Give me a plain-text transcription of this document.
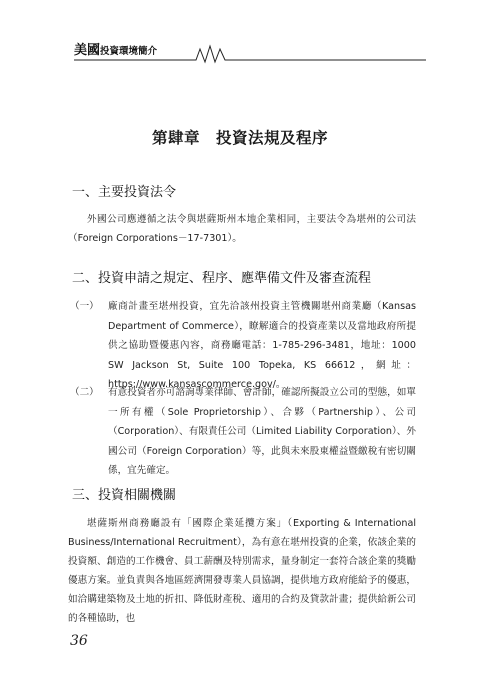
美國投資環境簡介
第肆章　投資法規及程序
一、主要投資法令

外國公司應遵循之法令與堪薩斯州本地企業相同，主要法令為堪州的公司法（Foreign Corporations－17-7301）。

二、投資申請之規定、程序、應準備文件及審查流程
（一） 廠商計畫至堪州投資，宜先洽該州投資主管機關堪州商業廳（Kansas Department of Commerce），瞭解適合的投資產業以及當地政府所提供之協助暨優惠內容，商務廳電話：1-785-296-3481，地址：1000 SW Jackson St, Suite 100 Topeka, KS 66612，網址：https://www.kansascommerce.gov/。
（二） 有意投資者亦可諮詢專業律師、會計師，確認所擬設立公司的型態，如單一所有權（Sole Proprietorship）、合夥（Partnership）、公司（Corporation）、有限責任公司（Limited Liability Corporation）、外國公司（Foreign Corporation）等，此與未來股東權益暨繳稅有密切關係，宜先確定。
三、投資相關機關

堪薩斯州商務廳設有「國際企業延攬方案」（Exporting & International Business/International Recruitment），為有意在堪州投資的企業，依該企業的投資額、創造的工作機會、員工薪酬及特別需求，量身制定一套符合該企業的獎勵優惠方案。並負責與各地區經濟開發專業人員協調，提供地方政府能給予的優惠，如洽購建築物及土地的折扣、降低財產稅、適用的合約及貸款計畫；提供給新公司的各種協助，也

36
